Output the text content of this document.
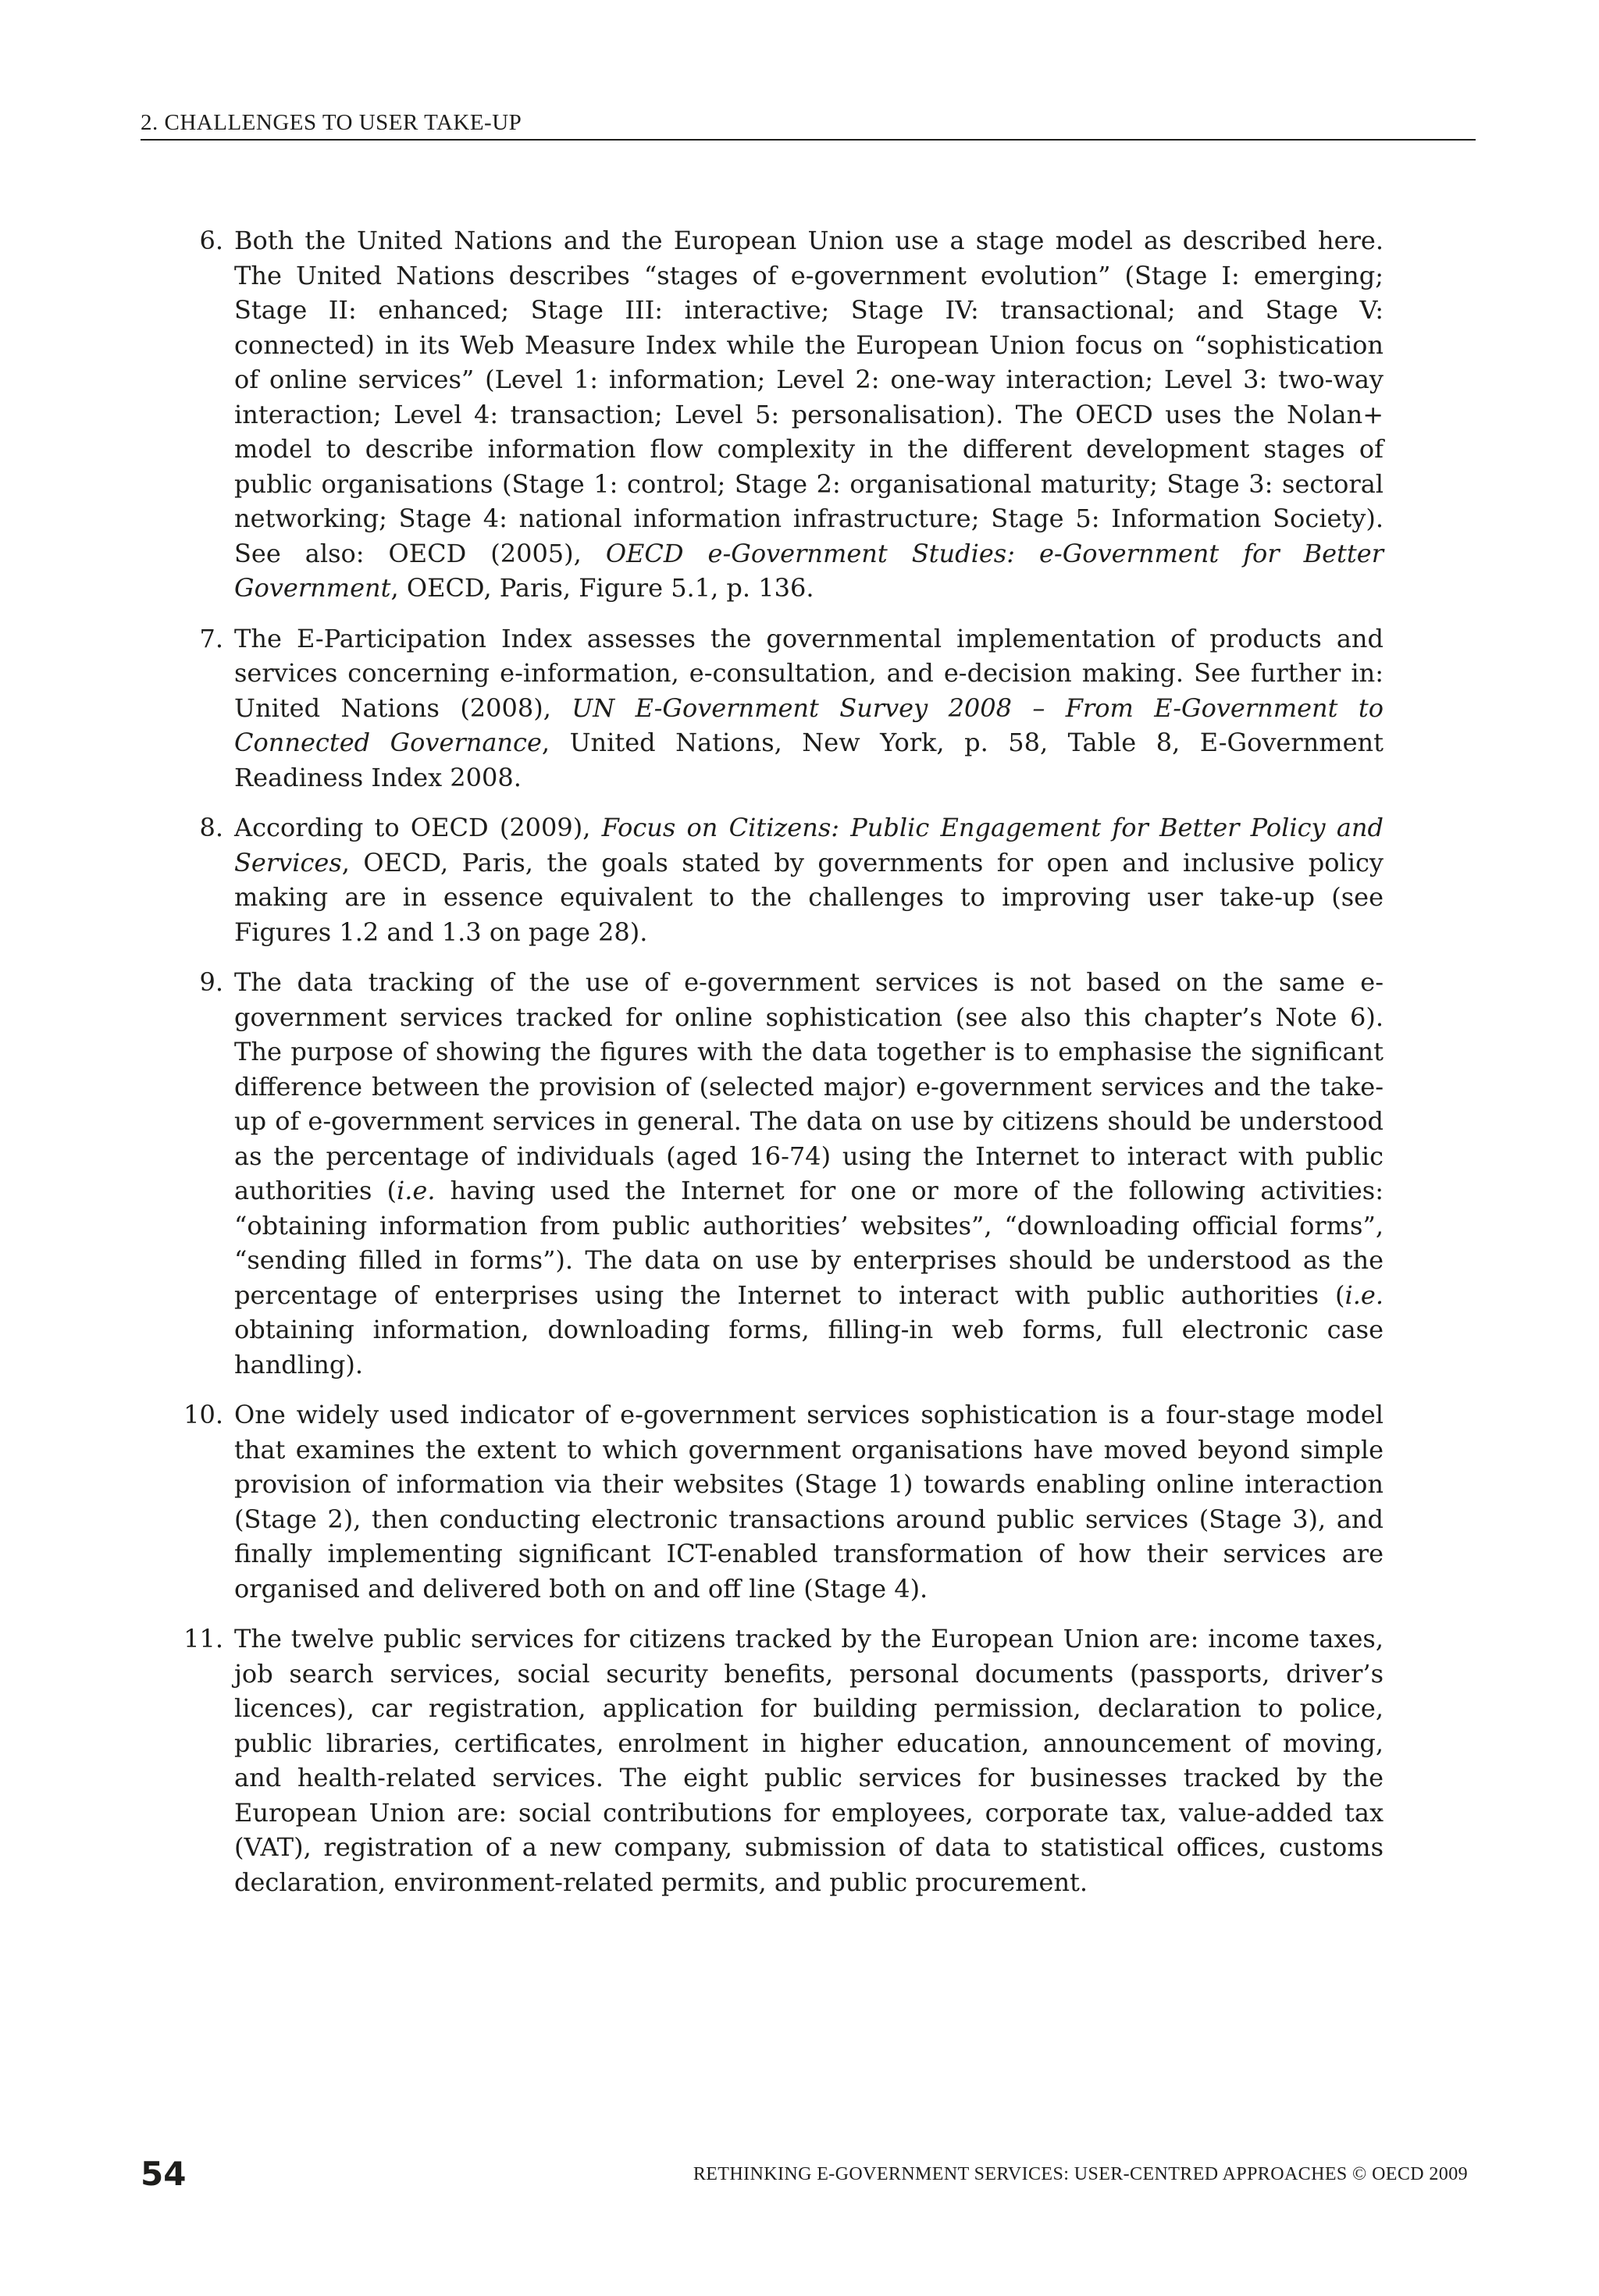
2. CHALLENGES TO USER TAKE-UP
6. Both the United Nations and the European Union use a stage model as described here. The United Nations describes “stages of e-government evolution” (Stage I: emerging; Stage II: enhanced; Stage III: interactive; Stage IV: transactional; and Stage V: connected) in its Web Measure Index while the European Union focus on “sophistication of online services” (Level 1: information; Level 2: one-way interaction; Level 3: two-way interaction; Level 4: transaction; Level 5: personalisation). The OECD uses the Nolan+ model to describe information flow complexity in the different development stages of public organisations (Stage 1: control; Stage 2: organisational maturity; Stage 3: sectoral networking; Stage 4: national information infrastructure; Stage 5: Information Society). See also: OECD (2005), OECD e-Government Studies: e-Government for Better Government, OECD, Paris, Figure 5.1, p. 136.
7. The E-Participation Index assesses the governmental implementation of products and services concerning e-information, e-consultation, and e-decision making. See further in: United Nations (2008), UN E-Government Survey 2008 – From E-Government to Connected Governance, United Nations, New York, p. 58, Table 8, E-Government Readiness Index 2008.
8. According to OECD (2009), Focus on Citizens: Public Engagement for Better Policy and Services, OECD, Paris, the goals stated by governments for open and inclusive policy making are in essence equivalent to the challenges to improving user take-up (see Figures 1.2 and 1.3 on page 28).
9. The data tracking of the use of e-government services is not based on the same e-government services tracked for online sophistication (see also this chapter’s Note 6). The purpose of showing the figures with the data together is to emphasise the significant difference between the provision of (selected major) e-government services and the take-up of e-government services in general. The data on use by citizens should be understood as the percentage of individuals (aged 16-74) using the Internet to interact with public authorities (i.e. having used the Internet for one or more of the following activities: “obtaining information from public authorities’ websites”, “downloading official forms”, “sending filled in forms”). The data on use by enterprises should be understood as the percentage of enterprises using the Internet to interact with public authorities (i.e. obtaining information, downloading forms, filling-in web forms, full electronic case handling).
10. One widely used indicator of e-government services sophistication is a four-stage model that examines the extent to which government organisations have moved beyond simple provision of information via their websites (Stage 1) towards enabling online interaction (Stage 2), then conducting electronic transactions around public services (Stage 3), and finally implementing significant ICT-enabled transformation of how their services are organised and delivered both on and off line (Stage 4).
11. The twelve public services for citizens tracked by the European Union are: income taxes, job search services, social security benefits, personal documents (passports, driver’s licences), car registration, application for building permission, declaration to police, public libraries, certificates, enrolment in higher education, announcement of moving, and health-related services. The eight public services for businesses tracked by the European Union are: social contributions for employees, corporate tax, value-added tax (VAT), registration of a new company, submission of data to statistical offices, customs declaration, environment-related permits, and public procurement.
54	RETHINKING E-GOVERNMENT SERVICES: USER-CENTRED APPROACHES © OECD 2009
